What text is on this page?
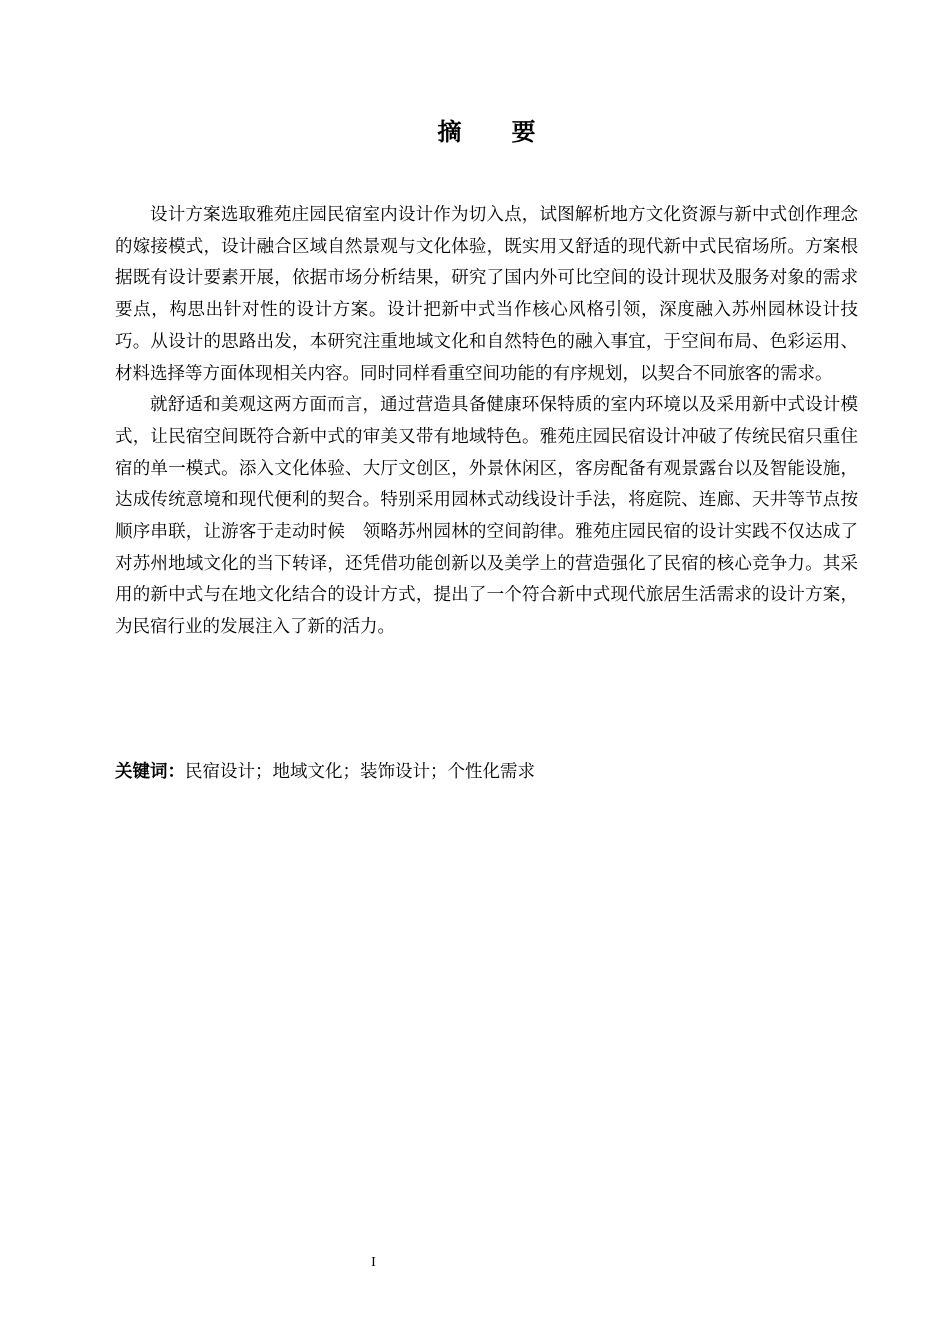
摘 要

设计方案选取雅苑庄园民宿室内设计作为切入点，试图解析地方文化资源与新中式创作理念的嫁接模式，设计融合区域自然景观与文化体验，既实用又舒适的现代新中式民宿场所。方案根据既有设计要素开展，依据市场分析结果，研究了国内外可比空间的设计现状及服务对象的需求要点，构思出针对性的设计方案。设计把新中式当作核心风格引领，深度融入苏州园林设计技巧。从设计的思路出发，本研究注重地域文化和自然特色的融入事宜，于空间布局、色彩运用、材料选择等方面体现相关内容。同时同样看重空间功能的有序规划，以契合不同旅客的需求。

就舒适和美观这两方面而言，通过营造具备健康环保特质的室内环境以及采用新中式设计模式，让民宿空间既符合新中式的审美又带有地域特色。雅苑庄园民宿设计冲破了传统民宿只重住宿的单一模式。添入文化体验、大厅文创区，外景休闲区，客房配备有观景露台以及智能设施，达成传统意境和现代便利的契合。特别采用园林式动线设计手法，将庭院、连廊、天井等节点按顺序串联，让游客于走动时候　领略苏州园林的空间韵律。雅苑庄园民宿的设计实践不仅达成了对苏州地域文化的当下转译，还凭借功能创新以及美学上的营造强化了民宿的核心竞争力。其采用的新中式与在地文化结合的设计方式，提出了一个符合新中式现代旅居生活需求的设计方案，为民宿行业的发展注入了新的活力。

关键词：民宿设计；地域文化；装饰设计；个性化需求
I
